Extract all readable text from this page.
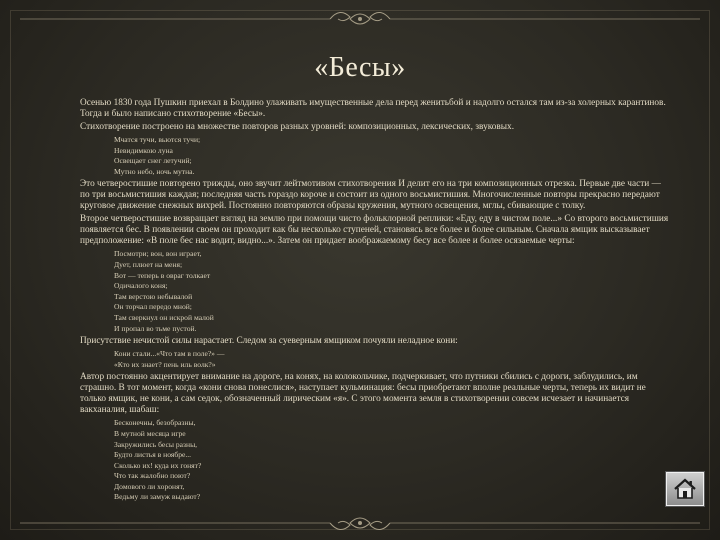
«Бесы»

Осенью 1830 года Пушкин приехал в Болдино улаживать имущественные дела перед женитьбой и надолго остался там из-за холерных карантинов. Тогда и было написано стихотворение «Бесы».

Стихотворение построено на множестве повторов разных уровней: композиционных, лексических, звуковых.

Мчатся тучи, вьются тучи;
Невидимкою луна
Освещает снег летучий;
Мутно небо, ночь мутна.

Это четверостишие повторено трижды, оно звучит лейтмотивом стихотворения И делит его на три композиционных отрезка. Первые две части — по три восьмистишия каждая; последняя часть гораздо короче и состоит из одного восьмистишия. Многочисленные повторы прекрасно передают круговое движение снежных вихрей. Постоянно повторяются образы кружения, мутного освещения, мглы, сбивающие с толку.

Второе четверостишие возвращает взгляд на землю при помощи чисто фольклорной реплики: «Еду, еду в чистом поле...» Со второго восьмистишия появляется бес. В появлении своем он проходит как бы несколько ступеней, становясь все более и более сильным. Сначала ямщик высказывает предположение: «В поле бес нас водит, видно...». Затем он придает воображаемому бесу все более и более осязаемые черты:

Посмотри; вон, вон играет,
Дует, плюет на меня;
Вот — теперь в овраг толкает
Одичалого коня;
Там верстою небывалой
Он торчал передо мной;
Там сверкнул он искрой малой
И пропал во тьме пустой.

Присутствие нечистой силы нарастает. Следом за суеверным ямщиком почуяли неладное кони:

Кони стали...«Что там в поле?» —
«Кто их знает? пень иль волк?»

Автор постоянно акцентирует внимание на дороге, на конях, на колокольчике, подчеркивает, что путники сбились с дороги, заблудились, им страшно. В тот момент, когда «кони снова понеслися», наступает кульминация: бесы приобретают вполне реальные черты, теперь их видит не только ямщик, не кони, а сам седок, обозначенный лирическим «я». С этого момента земля в стихотворении совсем исчезает и начинается вакханалия, шабаш:

Бесконечны, безобразны,
В мутной месяца игре
Закружились бесы разны,
Будто листья в ноябре...
Сколько их! куда их гонят?
Что так жалобно поют?
Домового ли хоронят,
Ведьму ли замуж выдают?
